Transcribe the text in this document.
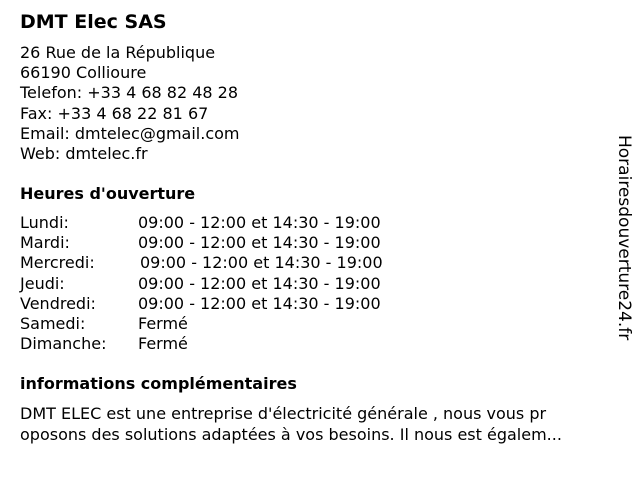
DMT Elec SAS
26 Rue de la République
66190 Collioure
Telefon: +33 4 68 82 48 28
Fax: +33 4 68 22 81 67
Email: dmtelec@gmail.com
Web: dmtelec.fr
Heures d'ouverture
Lundi:	09:00 - 12:00 et 14:30 - 19:00
Mardi:	09:00 - 12:00 et 14:30 - 19:00
Mercredi:	09:00 - 12:00 et 14:30 - 19:00
Jeudi:	09:00 - 12:00 et 14:30 - 19:00
Vendredi:	09:00 - 12:00 et 14:30 - 19:00
Samedi:	Fermé
Dimanche: Fermé
informations complémentaires
DMT ELEC est une entreprise d'électricité générale , nous vous pr
oposons des solutions adaptées à vos besoins. Il nous est égalem...
Horairesdouverture24.fr
